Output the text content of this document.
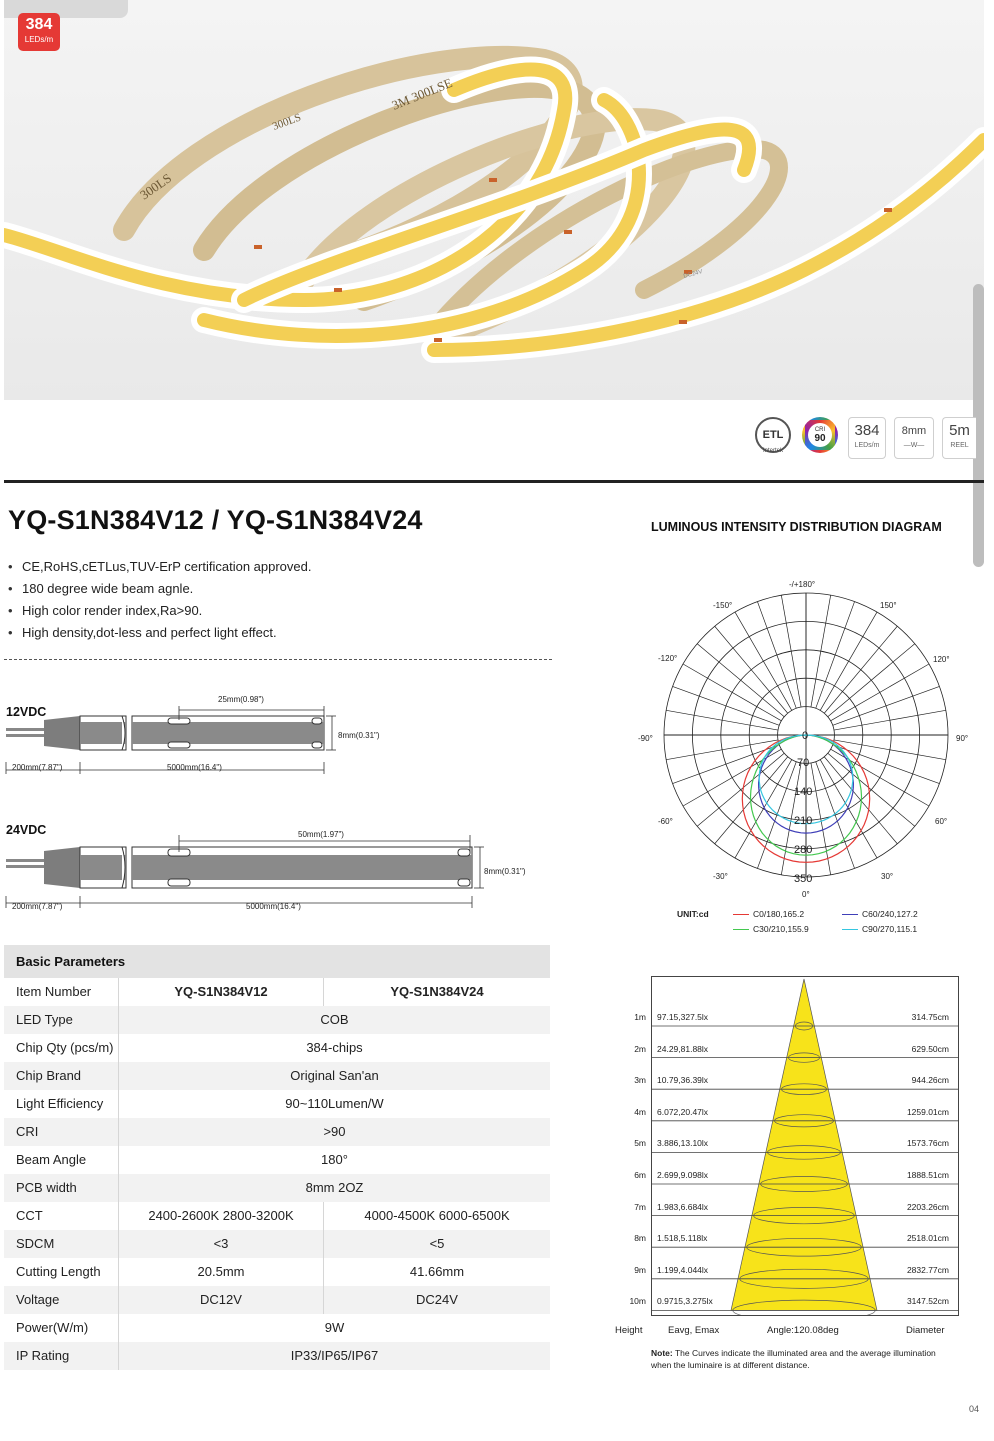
300LS
3M 300LSE
300LS
DC24V
384
LEDs/m
ETL
Intertek
CRI
90	384
LEDs/m
8mm
—W—
5m
REEL
YQ-S1N384V12 / YQ-S1N384V24	LUMINOUS INTENSITY DISTRIBUTION DIAGRAM
• CE,RoHS,cETLus,TUV-ErP certification approved.
• 180 degree wide beam agnle.
• High color render index,Ra>90.
• High density,dot-less and perfect light effect.
12VDC
25mm(0.98")
8mm(0.31")
200mm(7.87")	5000mm(16.4")
24VDC	50mm(1.97")
8mm(0.31")
200mm(7.87")	5000mm(16.4")
Basic Parameters
Item Number	YQ-S1N384V12	YQ-S1N384V24
LED Type	COB
Chip Qty (pcs/m)	384-chips
Chip Brand	Original San'an
Light Efficiency	90~110Lumen/W
CRI	>90
Beam Angle	180°
PCB width	8mm 2OZ
CCT	2400-2600K 2800-3200K	4000-4500K 6000-6500K
SDCM	<3	<5
Cutting Length	20.5mm	41.66mm
Voltage	DC12V	DC24V
Power(W/m)	9W
IP Rating	IP33/IP65/IP67
-/+180°
-150°	150°
-120°	120°
-90°	90°
-60°	60°
-30°	30°
0°
0
70
140
210
280
350
UNIT:cd	C0/180,165.2	C60/240,127.2
C30/210,155.9	C90/270,115.1
1m 97.15,327.5lx	314.75cm
2m 24.29,81.88lx	629.50cm
3m 10.79,36.39lx	944.26cm
4m 6.072,20.47lx	1259.01cm
5m 3.886,13.10lx	1573.76cm
6m 2.699,9.098lx	1888.51cm
7m 1.983,6.684lx	2203.26cm
8m 1.518,5.118lx	2518.01cm
9m 1.199,4.044lx	2832.77cm
10m 0.9715,3.275lx	3147.52cm
Height	Eavg, Emax	Angle:120.08deg	Diameter
Note: The Curves indicate the illuminated area and the average illumination when the luminaire is at different distance.
04
